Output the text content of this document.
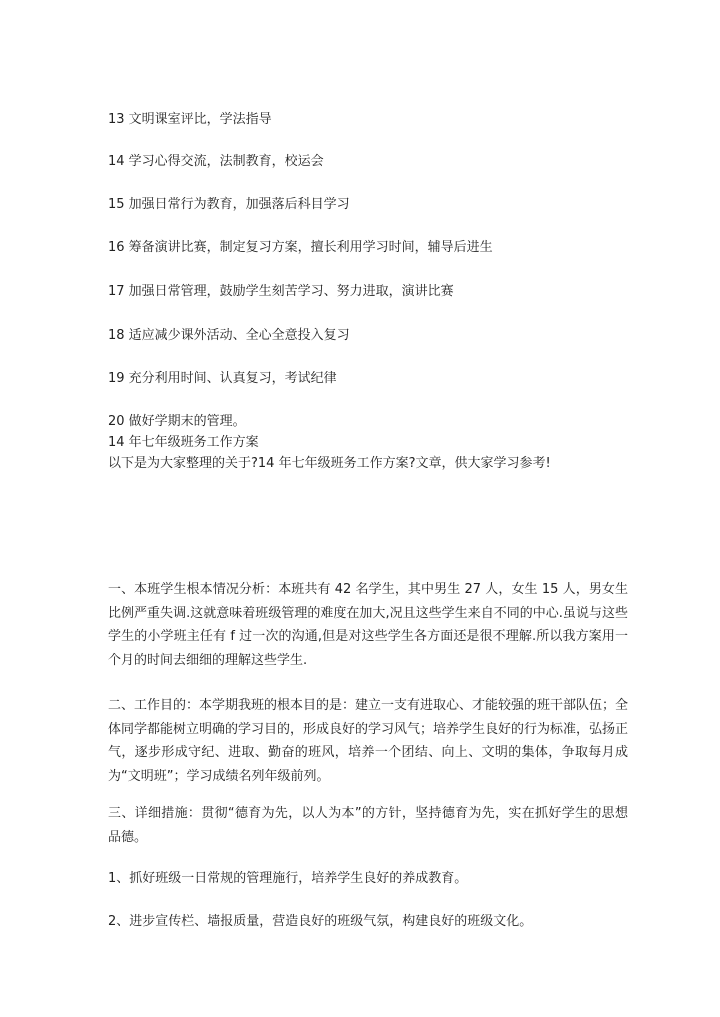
13 文明课室评比，学法指导

14 学习心得交流，法制教育，校运会

15 加强日常行为教育，加强落后科目学习

16 筹备演讲比赛，制定复习方案，擅长利用学习时间，辅导后进生

17 加强日常管理，鼓励学生刻苦学习、努力进取，演讲比赛

18 适应减少课外活动、全心全意投入复习

19 充分利用时间、认真复习，考试纪律

20 做好学期末的管理。

14 年七年级班务工作方案

以下是为大家整理的关于?14 年七年级班务工作方案?文章，供大家学习参考!

一、本班学生根本情况分析：本班共有 42 名学生，其中男生 27 人，女生 15 人，男女生比例严重失调.这就意味着班级管理的难度在加大,况且这些学生来自不同的中心.虽说与这些学生的小学班主任有 f 过一次的沟通,但是对这些学生各方面还是很不理解.所以我方案用一个月的时间去细细的理解这些学生.

二、工作目的：本学期我班的根本目的是：建立一支有进取心、才能较强的班干部队伍；全体同学都能树立明确的学习目的，形成良好的学习风气；培养学生良好的行为标准，弘扬正气，逐步形成守纪、进取、勤奋的班风，培养一个团结、向上、文明的集体，争取每月成为“文明班”；学习成绩名列年级前列。

三、详细措施：贯彻“德育为先，以人为本”的方针，坚持德育为先，实在抓好学生的思想品德。

1、抓好班级一日常规的管理施行，培养学生良好的养成教育。

2、进步宣传栏、墙报质量，营造良好的班级气氛，构建良好的班级文化。
